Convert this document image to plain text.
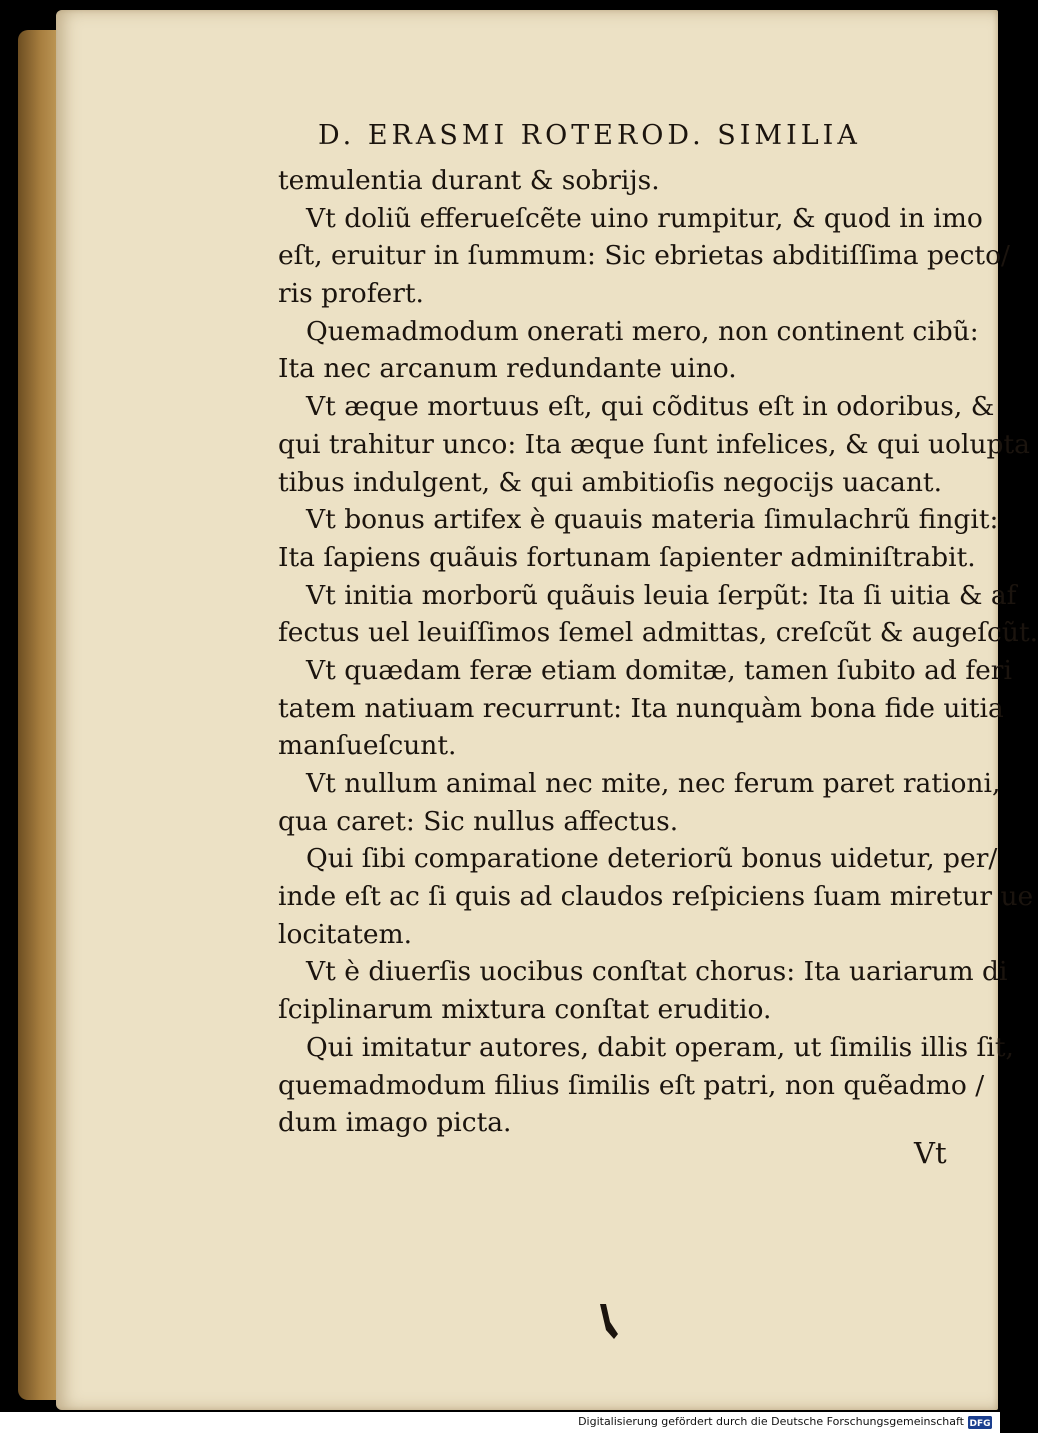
D. ERASMI ROTEROD. SIMILIA
temulentia durant & sobrijs.
Vt doliũ efferueſcẽte uino rumpitur, & quod in imo
eſt, eruitur in ſummum: Sic ebrietas abditiſſima pecto/
ris profert.
Quemadmodum onerati mero, non continent cibũ:
Ita nec arcanum redundante uino.
Vt æque mortuus eſt, qui cõditus eſt in odoribus, &
qui trahitur unco: Ita æque ſunt infelices, & qui uolupta
tibus indulgent, & qui ambitioſis negocijs uacant.
Vt bonus artifex è quauis materia ſimulachrũ fingit:
Ita ſapiens quãuis fortunam ſapienter adminiſtrabit.
Vt initia morborũ quãuis leuia ſerpũt: Ita ſi uitia & af
fectus uel leuiſſimos ſemel admittas, creſcũt & augeſcũt.
Vt quædam feræ etiam domitæ, tamen ſubito ad feri
tatem natiuam recurrunt: Ita nunquàm bona fide uitia
manſueſcunt.
Vt nullum animal nec mite, nec ferum paret rationi,
qua caret: Sic nullus affectus.
Qui ſibi comparatione deteriorũ bonus uidetur, per/
inde eſt ac ſi quis ad claudos reſpiciens ſuam miretur ue
locitatem.
Vt è diuerſis uocibus conſtat chorus: Ita uariarum di
ſciplinarum mixtura conſtat eruditio.
Qui imitatur autores, dabit operam, ut ſimilis illis ſit,
quemadmodum filius ſimilis eſt patri, non quẽadmo /
dum imago picta.
Vt
Digitalisierung gefördert durch die Deutsche Forschungsgemeinschaft DFG
